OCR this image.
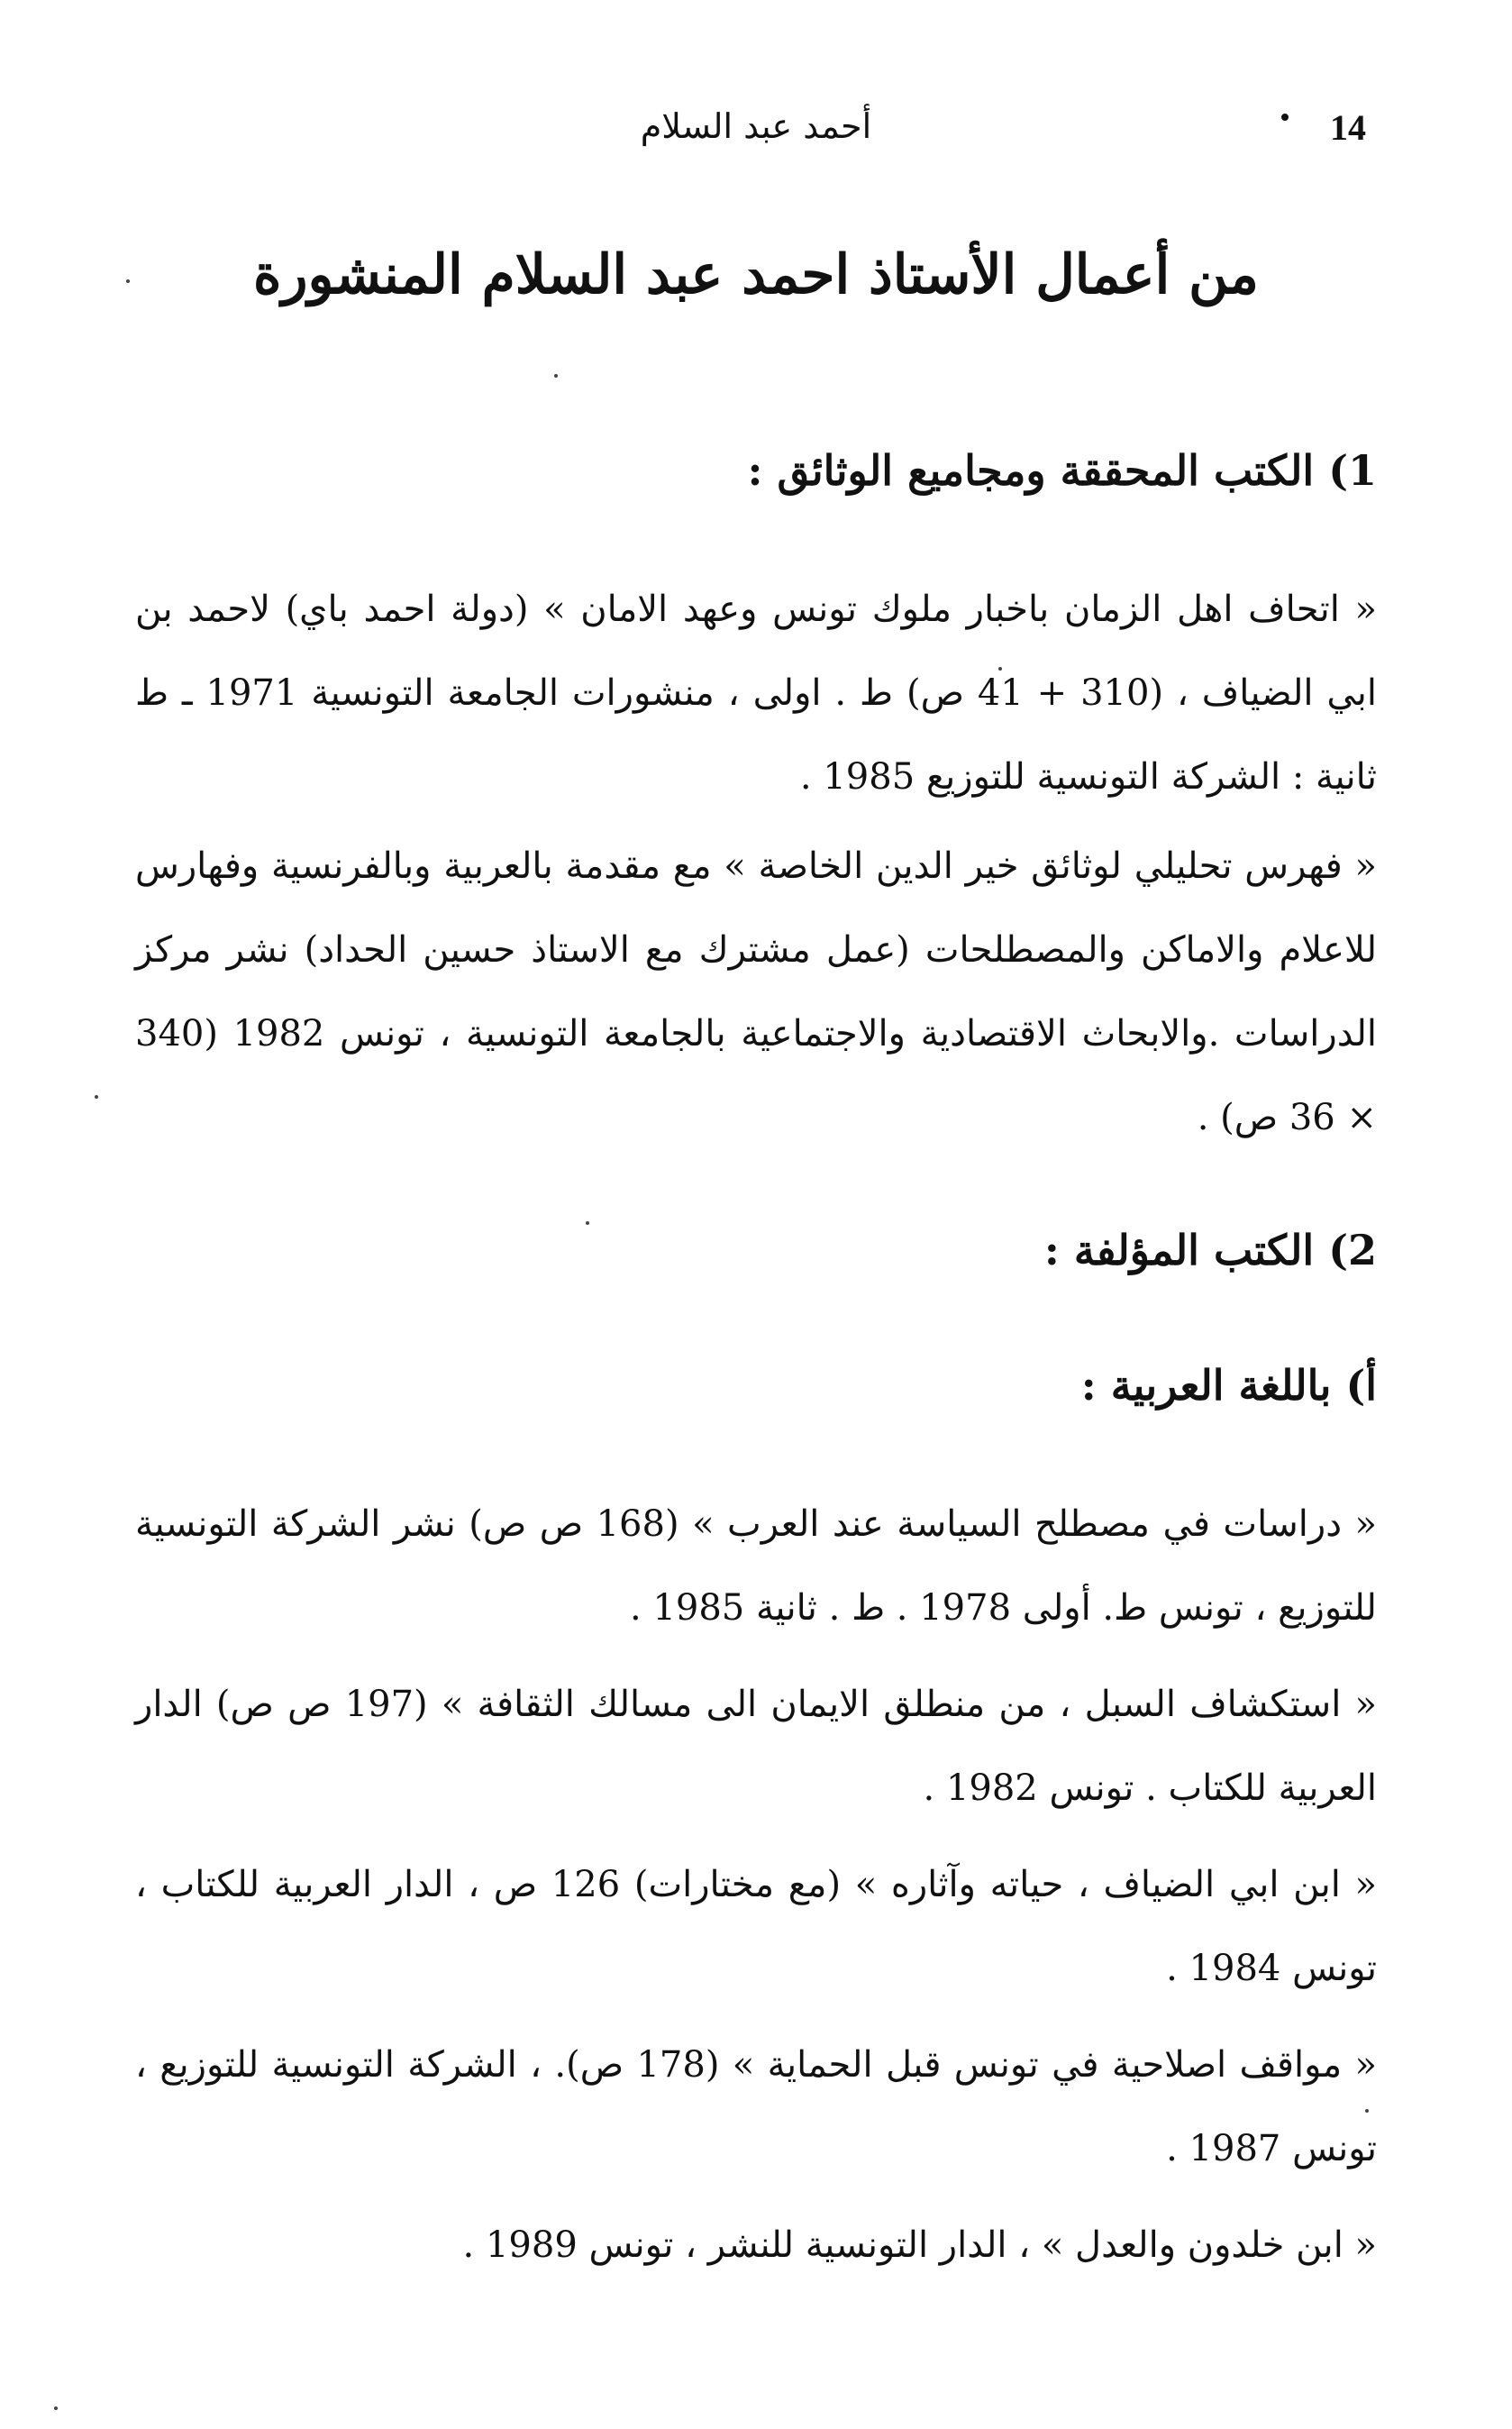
14
أحمد عبد السلام
من أعمال الأستاذ احمد عبد السلام المنشورة
1) الكتب المحققة ومجاميع الوثائق :

« اتحاف اهل الزمان باخبار ملوك تونس وعهد الامان » (دولة احمد باي) لاحمد بن ابي الضياف ، (310 + 41 ص) ط . اولى ، منشورات الجامعة التونسية 1971 ـ ط ثانية : الشركة التونسية للتوزيع 1985 .

« فهرس تحليلي لوثائق خير الدين الخاصة » مع مقدمة بالعربية وبالفرنسية وفهارس للاعلام والاماكن والمصطلحات (عمل مشترك مع الاستاذ حسين الحداد) نشر مركز الدراسات .والابحاث الاقتصادية والاجتماعية بالجامعة التونسية ، تونس 1982 (340 × 36 ص) .

2) الكتب المؤلفة :
أ) باللغة العربية :

« دراسات في مصطلح السياسة عند العرب » (168 ص ص) نشر الشركة التونسية للتوزيع ، تونس ط. أولى 1978 . ط . ثانية 1985 .

« استكشاف السبل ، من منطلق الايمان الى مسالك الثقافة » (197 ص ص) الدار العربية للكتاب . تونس 1982 .

« ابن ابي الضياف ، حياته وآثاره » (مع مختارات) 126 ص ، الدار العربية للكتاب ، تونس 1984 .

« مواقف اصلاحية في تونس قبل الحماية » (178 ص). ، الشركة التونسية للتوزيع ، تونس 1987 .

« ابن خلدون والعدل » ، الدار التونسية للنشر ، تونس 1989 .
